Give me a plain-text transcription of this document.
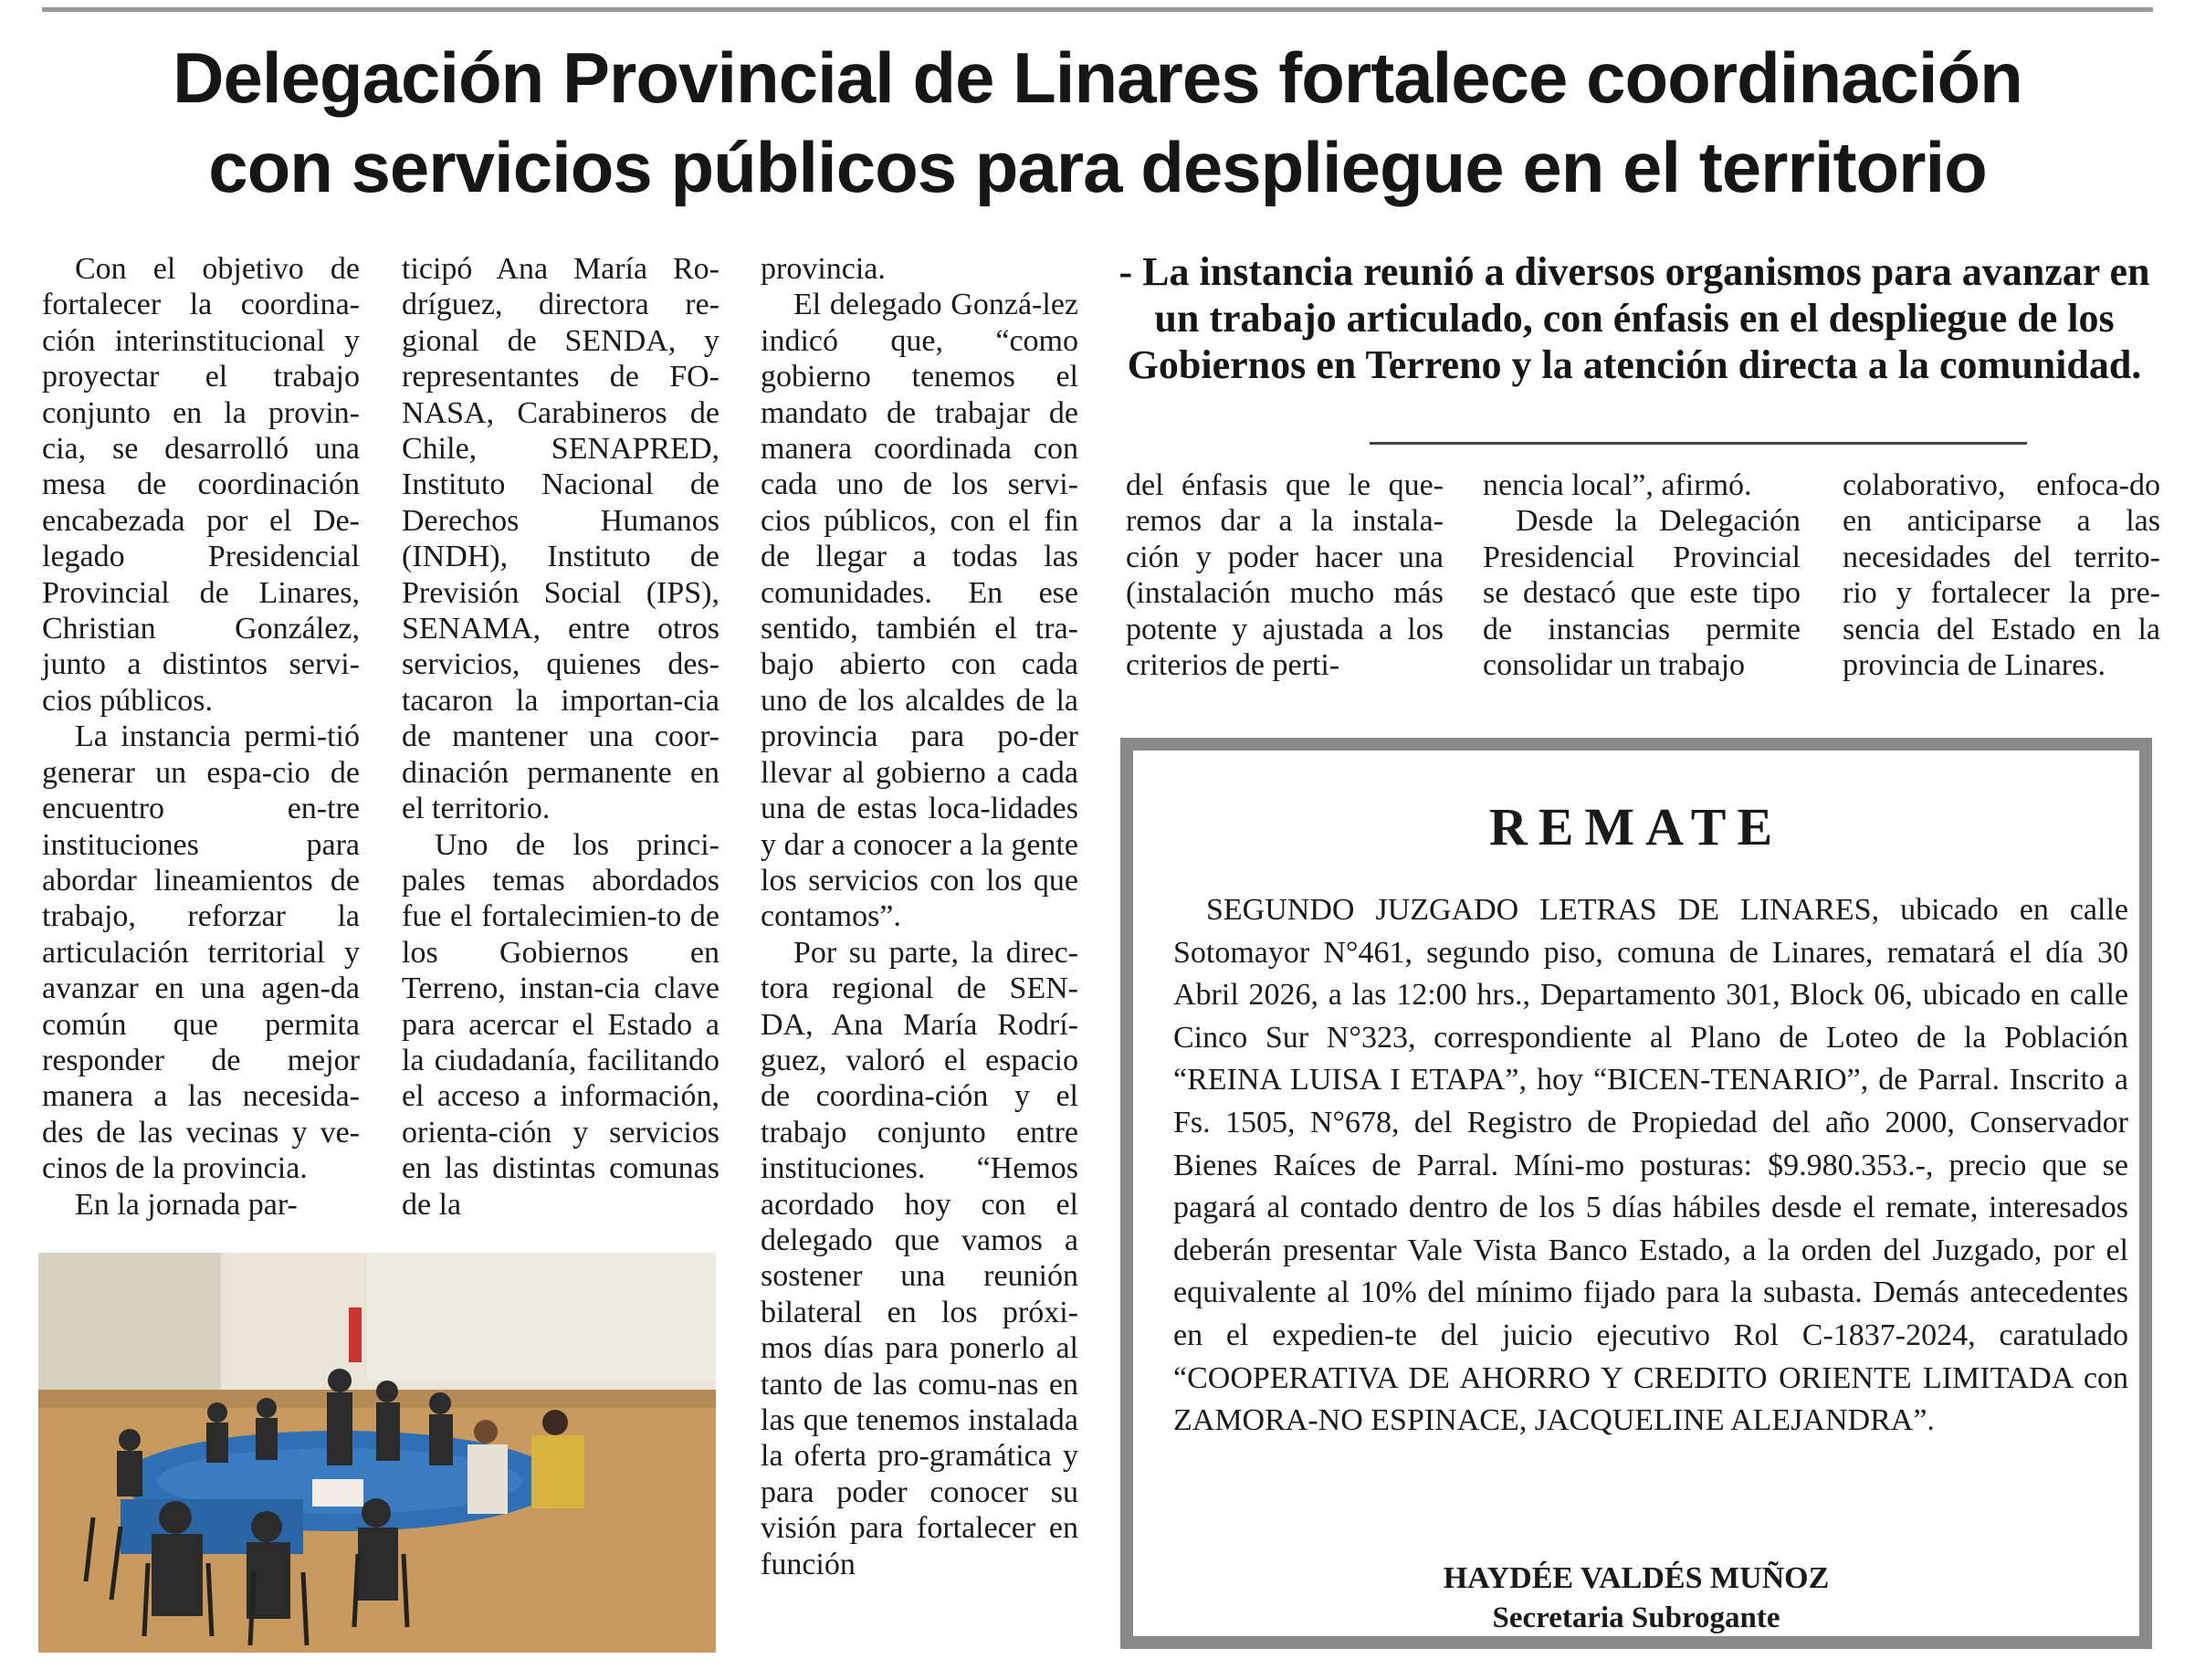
Delegación Provincial de Linares fortalece coordinación
con servicios públicos para despliegue en el territorio

Con el objetivo de fortalecer la coordina-ción interinstitucional y proyectar el trabajo conjunto en la provin-cia, se desarrolló una mesa de coordinación encabezada por el De-legado Presidencial Provincial de Linares, Christian González, junto a distintos servi-cios públicos.

La instancia permi-tió generar un espa-cio de encuentro en-tre instituciones para abordar lineamientos de trabajo, reforzar la articulación territorial y avanzar en una agen-da común que permita responder de mejor manera a las necesida-des de las vecinas y ve-cinos de la provincia.

En la jornada par-

ticipó Ana María Ro-dríguez, directora re-gional de SENDA, y representantes de FO-NASA, Carabineros de Chile, SENAPRED, Instituto Nacional de Derechos Humanos (INDH), Instituto de Previsión Social (IPS), SENAMA, entre otros servicios, quienes des-tacaron la importan-cia de mantener una coor-dinación permanente en el territorio.

Uno de los princi-pales temas abordados fue el fortalecimien-to de los Gobiernos en Terreno, instan-cia clave para acercar el Estado a la ciudadanía, facilitando el acceso a información, orienta-ción y servicios en las distintas comunas de la

provincia.

El delegado Gonzá-lez indicó que, “como gobierno tenemos el mandato de trabajar de manera coordinada con cada uno de los servi-cios públicos, con el fin de llegar a todas las comunidades. En ese sentido, también el tra-bajo abierto con cada uno de los alcaldes de la provincia para po-der llevar al gobierno a cada una de estas loca-lidades y dar a conocer a la gente los servicios con los que contamos”.

Por su parte, la direc-tora regional de SEN-DA, Ana María Rodrí-guez, valoró el espacio de coordina-ción y el trabajo conjunto entre instituciones. “Hemos acordado hoy con el delegado que vamos a sostener una reunión bilateral en los próxi-mos días para ponerlo al tanto de las comu-nas en las que tenemos instalada la oferta pro-gramática y para poder conocer su visión para fortalecer en función

- La instancia reunió a diversos organismos para avanzar en un trabajo articulado, con énfasis en el despliegue de los Gobiernos en Terreno y la atención directa a la comunidad.

del énfasis que le que-remos dar a la instala-ción y poder hacer una (instalación mucho más potente y ajustada a los criterios de perti-

nencia local”, afirmó.

Desde la Delegación Presidencial Provincial se destacó que este tipo de instancias permite consolidar un trabajo

colaborativo, enfoca-do en anticiparse a las necesidades del territo-rio y fortalecer la pre-sencia del Estado en la provincia de Linares.

REMATE

SEGUNDO JUZGADO LETRAS DE LINARES, ubicado en calle Sotomayor N°461, segundo piso, comuna de Linares, rematará el día 30 Abril 2026, a las 12:00 hrs., Departamento 301, Block 06, ubicado en calle Cinco Sur N°323, correspondiente al Plano de Loteo de la Población “REINA LUISA I ETAPA”, hoy “BICEN-TENARIO”, de Parral. Inscrito a Fs. 1505, N°678, del Registro de Propiedad del año 2000, Conservador Bienes Raíces de Parral. Míni-mo posturas: $9.980.353.-, precio que se pagará al contado dentro de los 5 días hábiles desde el remate, interesados deberán presentar Vale Vista Banco Estado, a la orden del Juzgado, por el equivalente al 10% del mínimo fijado para la subasta. Demás antecedentes en el expedien-te del juicio ejecutivo Rol C-1837-2024, caratulado “COOPERATIVA DE AHORRO Y CREDITO ORIENTE LIMITADA con ZAMORA-NO ESPINACE, JACQUELINE ALEJANDRA”.

HAYDÉE VALDÉS MUÑOZ
Secretaria Subrogante
